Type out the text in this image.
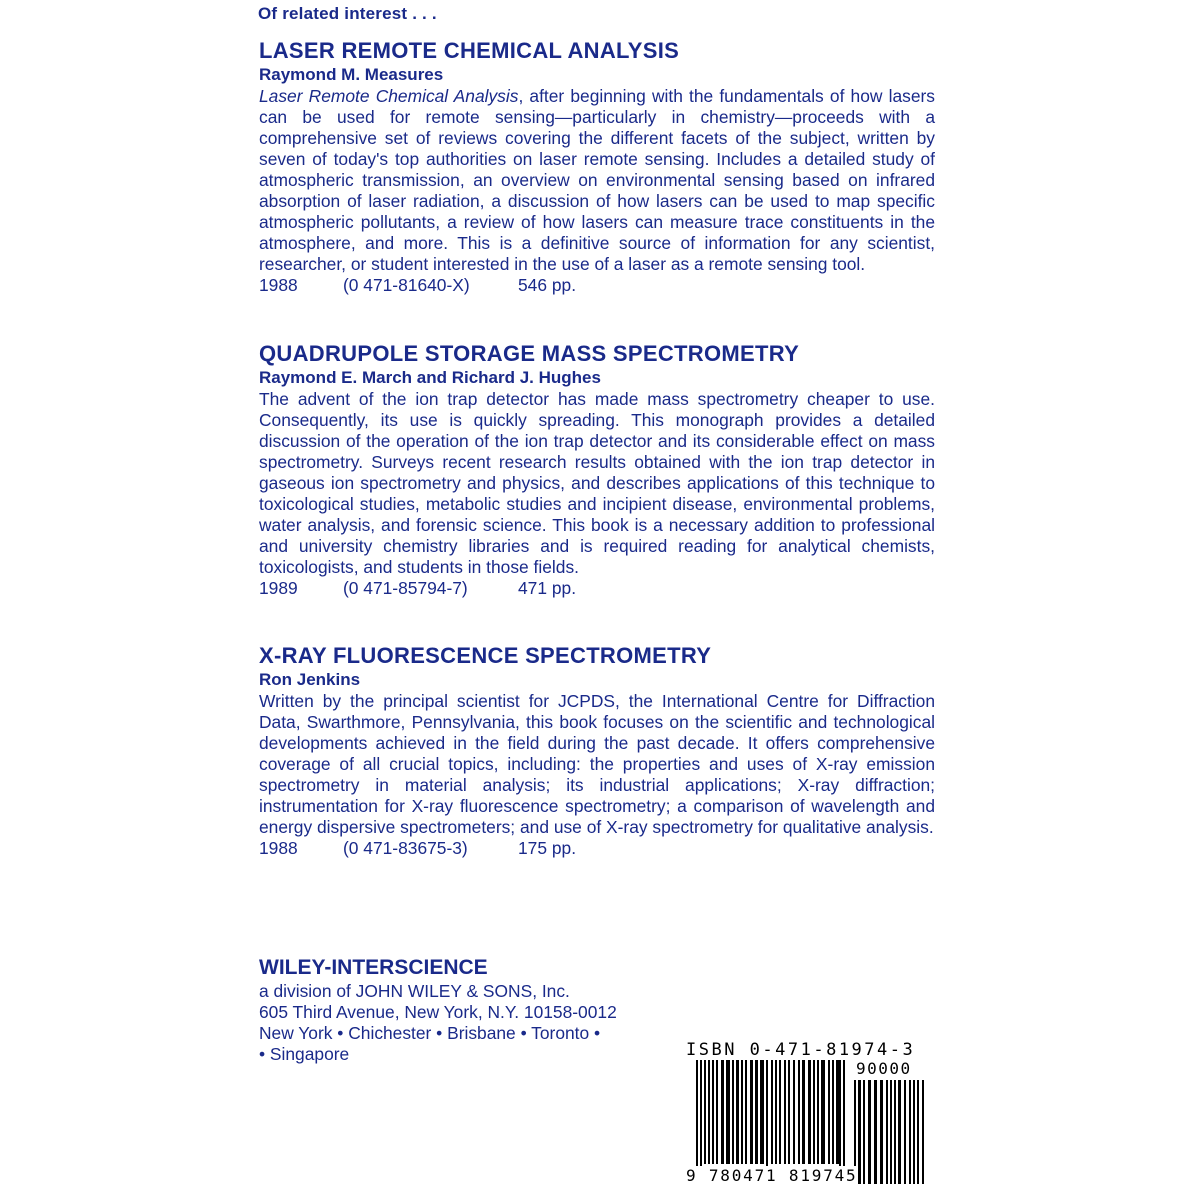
Of related interest . . .
LASER REMOTE CHEMICAL ANALYSIS
Raymond M. Measures
Laser Remote Chemical Analysis, after beginning with the fundamentals of how lasers can be used for remote sensing—particularly in chemistry—proceeds with a comprehensive set of reviews covering the different facets of the subject, written by seven of today's top authorities on laser remote sensing. Includes a detailed study of atmospheric transmission, an overview on environmental sensing based on infrared absorption of laser radiation, a discussion of how lasers can be used to map specific atmospheric pollutants, a review of how lasers can measure trace constituents in the atmosphere, and more. This is a definitive source of information for any scientist, researcher, or student interested in the use of a laser as a remote sensing tool.
1988	(0 471-81640-X)	546 pp.
QUADRUPOLE STORAGE MASS SPECTROMETRY
Raymond E. March and Richard J. Hughes
The advent of the ion trap detector has made mass spectrometry cheaper to use. Consequently, its use is quickly spreading. This monograph provides a detailed discussion of the operation of the ion trap detector and its considerable effect on mass spectrometry. Surveys recent research results obtained with the ion trap detector in gaseous ion spectrometry and physics, and describes applications of this technique to toxicological studies, metabolic studies and incipient disease, environmental problems, water analysis, and forensic science. This book is a necessary addition to professional and university chemistry libraries and is required reading for analytical chemists, toxicologists, and students in those fields.
1989	(0 471-85794-7)	471 pp.
X-RAY FLUORESCENCE SPECTROMETRY
Ron Jenkins
Written by the principal scientist for JCPDS, the International Centre for Diffraction Data, Swarthmore, Pennsylvania, this book focuses on the scientific and technological developments achieved in the field during the past decade. It offers comprehensive coverage of all crucial topics, including: the properties and uses of X-ray emission spectrometry in material analysis; its industrial applications; X-ray diffraction; instrumentation for X-ray fluorescence spectrometry; a comparison of wavelength and energy dispersive spectrometers; and use of X-ray spectrometry for qualitative analysis.
1988	(0 471-83675-3)	175 pp.
WILEY-INTERSCIENCE
a division of JOHN WILEY & SONS, Inc.
605 Third Avenue, New York, N.Y. 10158-0012
New York • Chichester • Brisbane • Toronto •
• Singapore	ISBN 0-471-81974-3
90000
9 780471 819745
